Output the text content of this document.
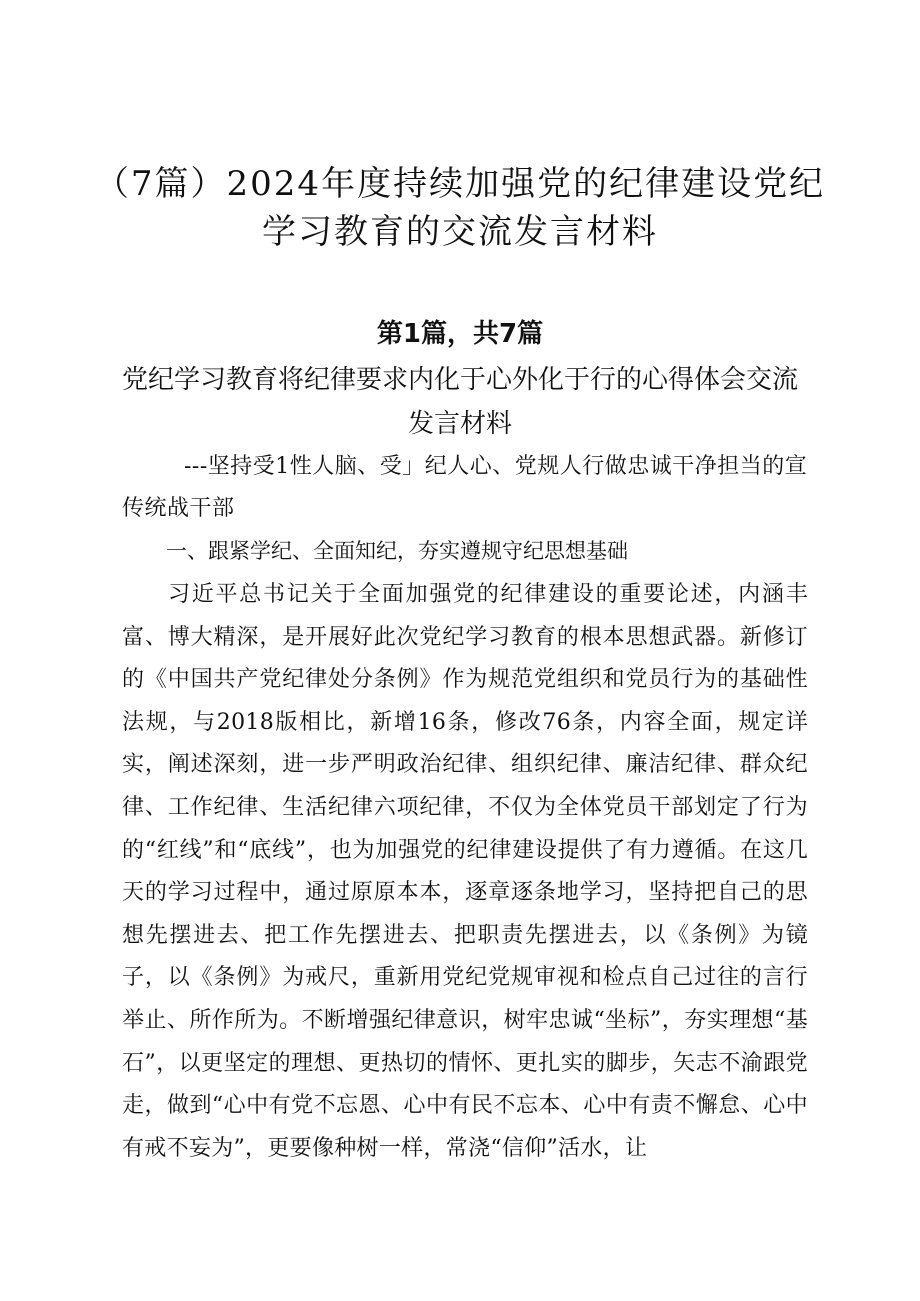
（7篇）2024年度持续加强党的纪律建设党纪学习教育的交流发言材料
第1篇，共7篇
党纪学习教育将纪律要求内化于心外化于行的心得体会交流发言材料

---坚持受1性人脑、受」纪人心、党规人行做忠诚干净担当的宣传统战干部

一、跟紧学纪、全面知纪，夯实遵规守纪思想基础

习近平总书记关于全面加强党的纪律建设的重要论述，内涵丰富、博大精深，是开展好此次党纪学习教育的根本思想武器。新修订的《中国共产党纪律处分条例》作为规范党组织和党员行为的基础性法规，与2018版相比，新增16条，修改76条，内容全面，规定详实，阐述深刻，进一步严明政治纪律、组织纪律、廉洁纪律、群众纪律、工作纪律、生活纪律六项纪律，不仅为全体党员干部划定了行为的“红线”和“底线”，也为加强党的纪律建设提供了有力遵循。在这几天的学习过程中，通过原原本本，逐章逐条地学习，坚持把自己的思想先摆进去、把工作先摆进去、把职责先摆进去，以《条例》为镜子，以《条例》为戒尺，重新用党纪党规审视和检点自己过往的言行举止、所作所为。不断增强纪律意识，树牢忠诚“坐标”，夯实理想“基石”，以更坚定的理想、更热切的情怀、更扎实的脚步，矢志不渝跟党走，做到“心中有党不忘恩、心中有民不忘本、心中有责不懈怠、心中有戒不妄为”，更要像种树一样，常浇“信仰”活水，让
